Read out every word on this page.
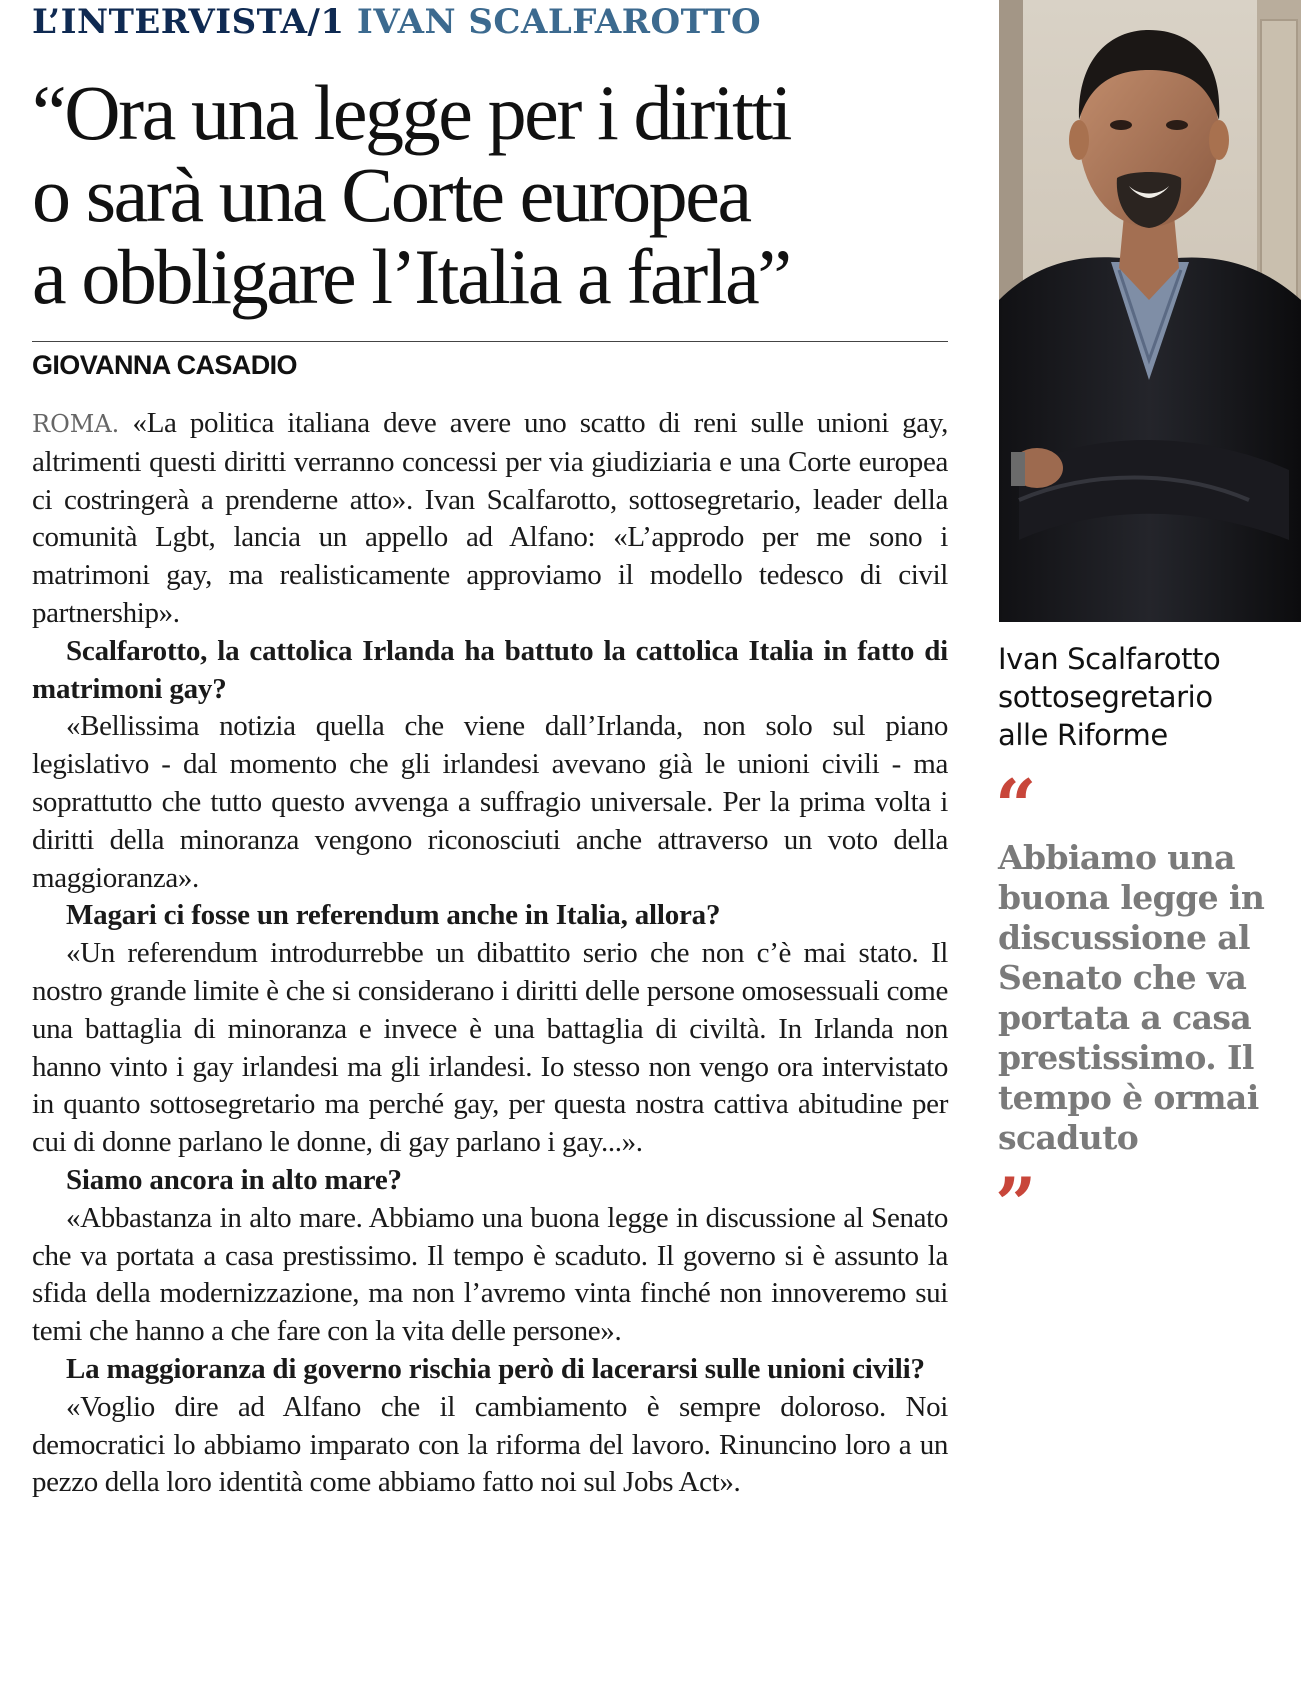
L’INTERVISTA/1 IVAN SCALFAROTTO
“Ora una legge per i diritti
o sarà una Corte europea
a obbligare l’Italia a farla”
GIOVANNA CASADIO

ROMA. «La politica italiana deve avere uno scatto di reni sulle unioni gay, altrimenti questi diritti verranno concessi per via giudiziaria e una Corte europea ci costringerà a prenderne atto». Ivan Scalfarotto, sottosegretario, leader della comunità Lgbt, lancia un appello ad Alfano: «L’approdo per me sono i matrimoni gay, ma realisticamente approviamo il modello tedesco di civil partnership».

Scalfarotto, la cattolica Irlanda ha battuto la cattolica Italia in fatto di matrimoni gay?

«Bellissima notizia quella che viene dall’Irlanda, non solo sul piano legislativo - dal momento che gli irlandesi avevano già le unioni civili - ma soprattutto che tutto questo avvenga a suffragio universale. Per la prima volta i diritti della minoranza vengono riconosciuti anche attraverso un voto della maggioranza».

Magari ci fosse un referendum anche in Italia, allora?

«Un referendum introdurrebbe un dibattito serio che non c’è mai stato. Il nostro grande limite è che si considerano i diritti delle persone omosessuali come una battaglia di minoranza e invece è una battaglia di civiltà. In Irlanda non hanno vinto i gay irlandesi ma gli irlandesi. Io stesso non vengo ora intervistato in quanto sottosegretario ma perché gay, per questa nostra cattiva abitudine per cui di donne parlano le donne, di gay parlano i gay...».

Siamo ancora in alto mare?

«Abbastanza in alto mare. Abbiamo una buona legge in discussione al Senato che va portata a casa prestissimo. Il tempo è scaduto. Il governo si è assunto la sfida della modernizzazione, ma non l’avremo vinta finché non innoveremo sui temi che hanno a che fare con la vita delle persone».

La maggioranza di governo rischia però di lacerarsi sulle unioni civili?

«Voglio dire ad Alfano che il cambiamento è sempre doloroso. Noi democratici lo abbiamo imparato con la riforma del lavoro. Rinuncino loro a un pezzo della loro identità come abbiamo fatto noi sul Jobs Act».

Ivan Scalfarotto
sottosegretario
alle Riforme
“

Abbiamo una buona legge in discussione al Senato che va portata a casa prestissimo. Il tempo è ormai scaduto

”
